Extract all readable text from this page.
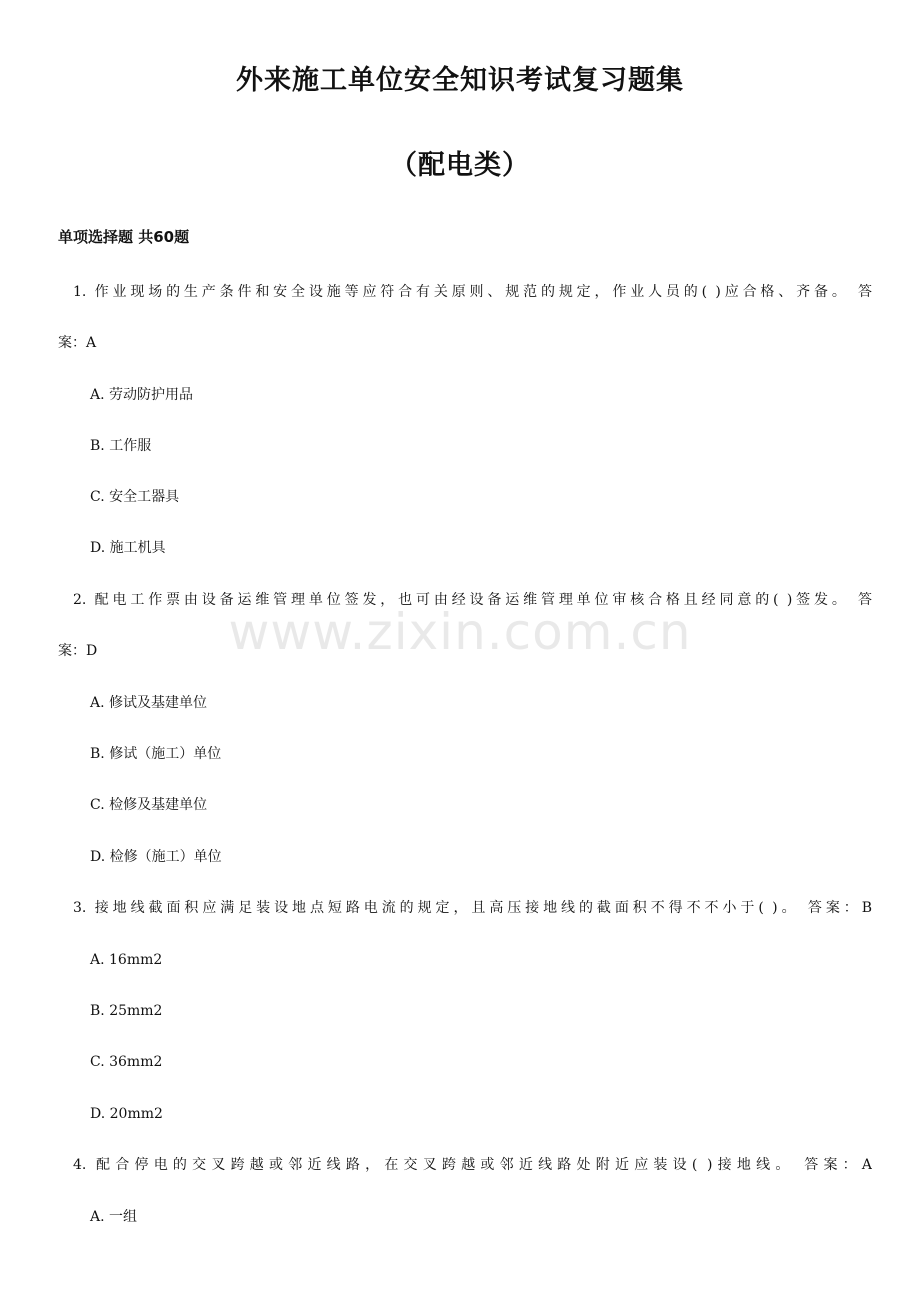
外来施工单位安全知识考试复习题集
（配电类）
单项选择题 共60题
1. 作业现场的生产条件和安全设施等应符合有关原则、规范的规定，作业人员的( )应合格、齐备。 答
案：A
A. 劳动防护用品
B. 工作服
C. 安全工器具
D. 施工机具
2. 配电工作票由设备运维管理单位签发，也可由经设备运维管理单位审核合格且经同意的( )签发。 答
案：D
A. 修试及基建单位
B. 修试（施工）单位
C. 检修及基建单位
D. 检修（施工）单位
3. 接地线截面积应满足装设地点短路电流的规定，且高压接地线的截面积不得不不小于( )。 答案：B
A. 16mm2
B. 25mm2
C. 36mm2
D. 20mm2
4. 配合停电的交叉跨越或邻近线路，在交叉跨越或邻近线路处附近应装设( )接地线。 答案：A
A. 一组
www.zixin.com.cn
